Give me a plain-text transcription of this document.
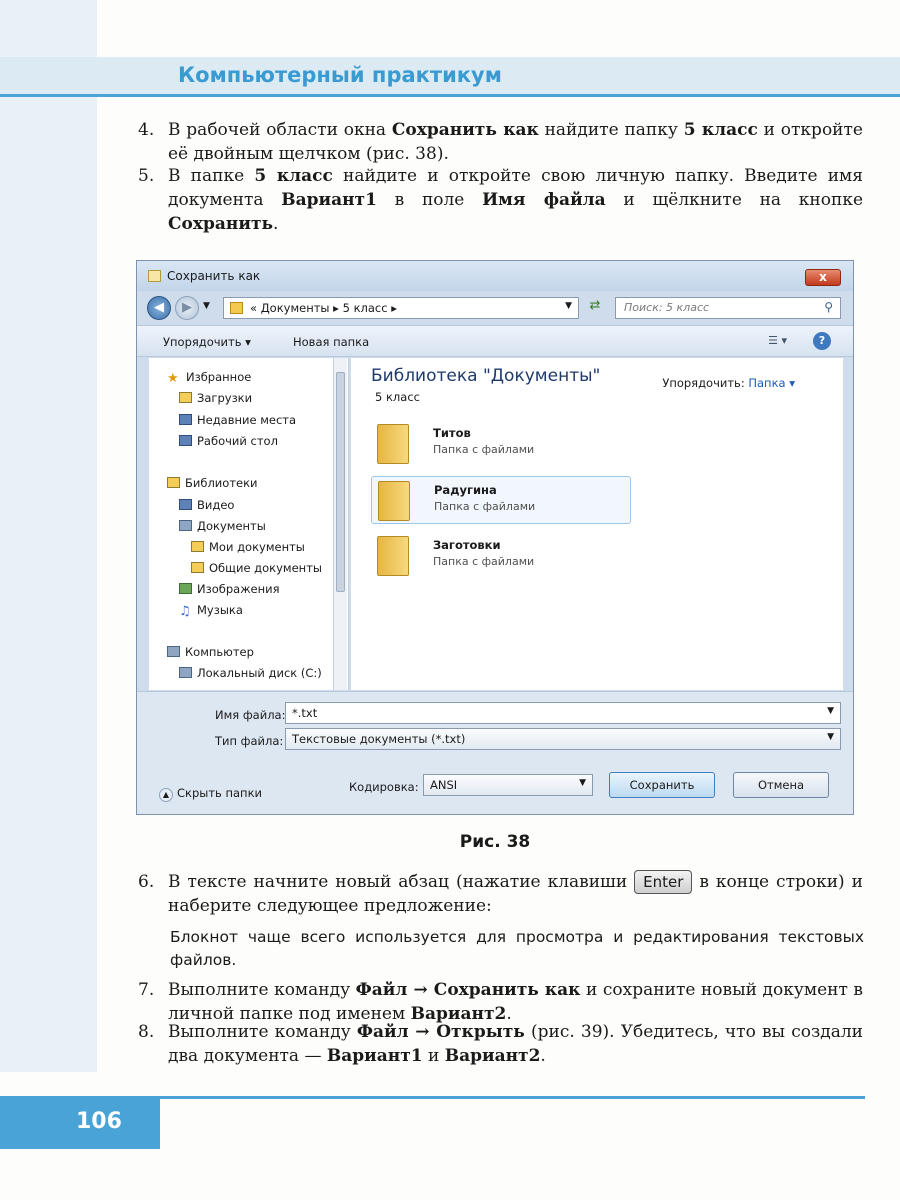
Компьютерный практикум
4. В рабочей области окна Сохранить как найдите папку 5 класс и откройте её двойным щелчком (рис. 38).
5. В папке 5 класс найдите и откройте свою личную папку. Введите имя документа Вариант1 в поле Имя файла и щёлкните на кнопке Сохранить.
Сохранить как	x
◀	▶	▼	« Документы ▸ 5 класс ▸	▼	⇄	Поиск: 5 класс	⚲
Упорядочить ▾	Новая папка	☰ ▾	?
★ Избранное
Загрузки
Недавние места
Рабочий стол
Библиотеки
Видео
Документы
Мои документы
Общие документы
Изображения
♫ Музыка
Компьютер
Локальный диск (C:)
Библиотека "Документы"
5 класс
Упорядочить: Папка ▾
Титов
Папка с файлами
Радугина
Папка с файлами
Заготовки
Папка с файлами
Имя файла: *.txt	▼
Тип файла: Текстовые документы (*.txt)	▼
▲ Скрыть папки	Кодировка: ANSI	▼	Сохранить	Отмена
Рис. 38
6. В тексте начните новый абзац (нажатие клавиши Enter в конце строки) и наберите следующее предложение:
Блокнот чаще всего используется для просмотра и редактирования текстовых файлов.
7. Выполните команду Файл → Сохранить как и сохраните новый документ в личной папке под именем Вариант2.
8. Выполните команду Файл → Открыть (рис. 39). Убедитесь, что вы создали два документа — Вариант1 и Вариант2.
106
